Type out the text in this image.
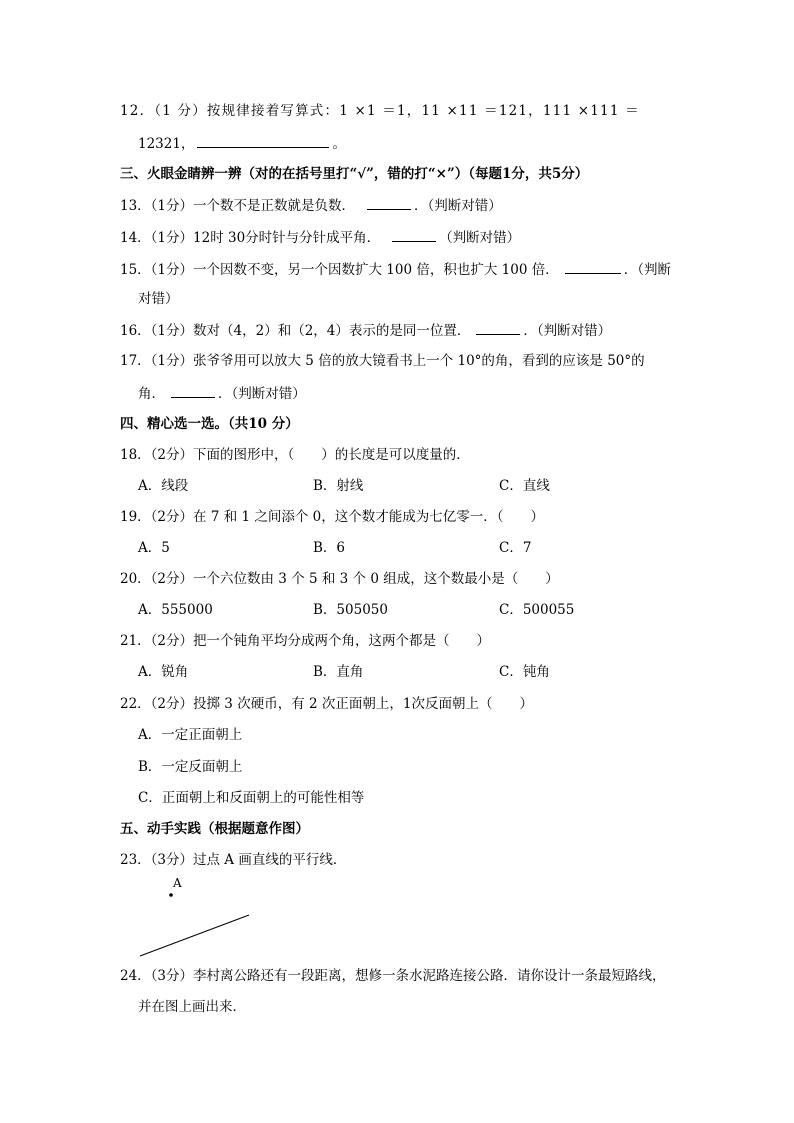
12．（1 分）按规律接着写算式：1 ×1 ＝1，11 ×11 ＝121，111 ×111 ＝
12321，	。
三、火眼金睛辨一辨（对的在括号里打“√”，错的打“×”）（每题1分，共5分）
13．（1分）一个数不是正数就是负数．	．（判断对错）
14．（1分）12时 30分时针与分针成平角．	（判断对错）
15．（1分）一个因数不变，另一个因数扩大 100 倍，积也扩大 100 倍．	．（判断
对错）
16．（1分）数对（4，2）和（2，4）表示的是同一位置．	．（判断对错）
17．（1分）张爷爷用可以放大 5 倍的放大镜看书上一个 10°的角，看到的应该是 50°的
角．	．（判断对错）
四、精心选一选。（共10 分）
18．（2分）下面的图形中，（　　）的长度是可以度量的．
A．线段	B．射线	C．直线
19．（2分）在 7 和 1 之间添个 0，这个数才能成为七亿零一．（　　）
A．5	B．6	C．7
20．（2分）一个六位数由 3 个 5 和 3 个 0 组成，这个数最小是（　　）
A．555000	B．505050	C．500055
21．（2分）把一个钝角平均分成两个角，这两个都是（　　）
A．锐角	B．直角	C．钝角
22．（2分）投掷 3 次硬币，有 2 次正面朝上，1次反面朝上（　　）
A．一定正面朝上
B．一定反面朝上
C．正面朝上和反面朝上的可能性相等
五、动手实践（根据题意作图）
23．（3分）过点 A 画直线的平行线．
A
24．（3分）李村离公路还有一段距离，想修一条水泥路连接公路．请你设计一条最短路线，
并在图上画出来．
